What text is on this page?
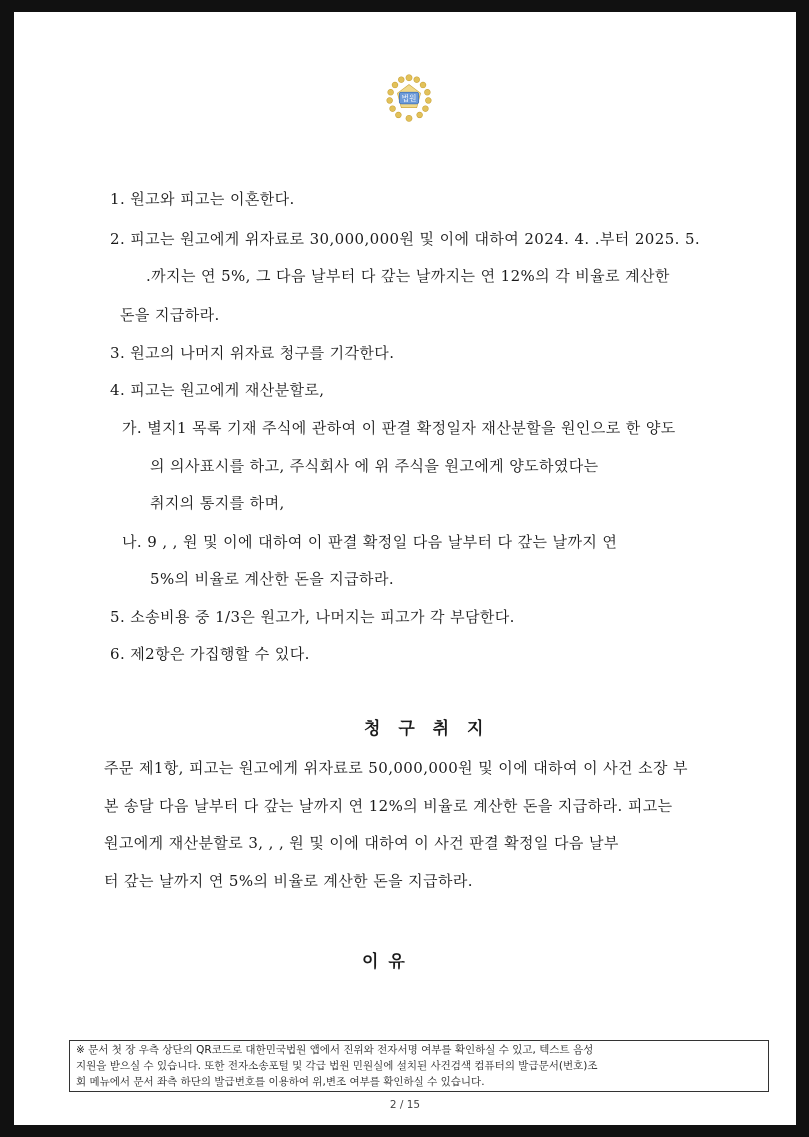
법원
1. 원고와 피고는 이혼한다.
2. 피고는 원고에게 위자료로 30,000,000원 및 이에 대하여 2024. 4. .부터 2025. 5.
.까지는 연 5%, 그 다음 날부터 다 갚는 날까지는 연 12%의 각 비율로 계산한
돈을 지급하라.
3. 원고의 나머지 위자료 청구를 기각한다.
4. 피고는 원고에게 재산분할로,
가. 별지1 목록 기재 주식에 관하여 이 판결 확정일자 재산분할을 원인으로 한 양도
의 의사표시를 하고, 주식회사 에 위 주식을 원고에게 양도하였다는
취지의 통지를 하며,
나. 9 , , 원 및 이에 대하여 이 판결 확정일 다음 날부터 다 갚는 날까지 연
5%의 비율로 계산한 돈을 지급하라.
5. 소송비용 중 1/3은 원고가, 나머지는 피고가 각 부담한다.
6. 제2항은 가집행할 수 있다.
청 구 취 지
주문 제1항, 피고는 원고에게 위자료로 50,000,000원 및 이에 대하여 이 사건 소장 부
본 송달 다음 날부터 다 갚는 날까지 연 12%의 비율로 계산한 돈을 지급하라. 피고는
원고에게 재산분할로 3, , , 원 및 이에 대하여 이 사건 판결 확정일 다음 날부
터 갚는 날까지 연 5%의 비율로 계산한 돈을 지급하라.
이 유
※ 문서 첫 장 우측 상단의 QR코드로 대한민국법원 앱에서 진위와 전자서명 여부를 확인하실 수 있고, 텍스트 음성
지원을 받으실 수 있습니다. 또한 전자소송포털 및 각급 법원 민원실에 설치된 사건검색 컴퓨터의 발급문서(번호)조
회 메뉴에서 문서 좌측 하단의 발급번호를 이용하여 위,변조 여부를 확인하실 수 있습니다.
2 / 15
